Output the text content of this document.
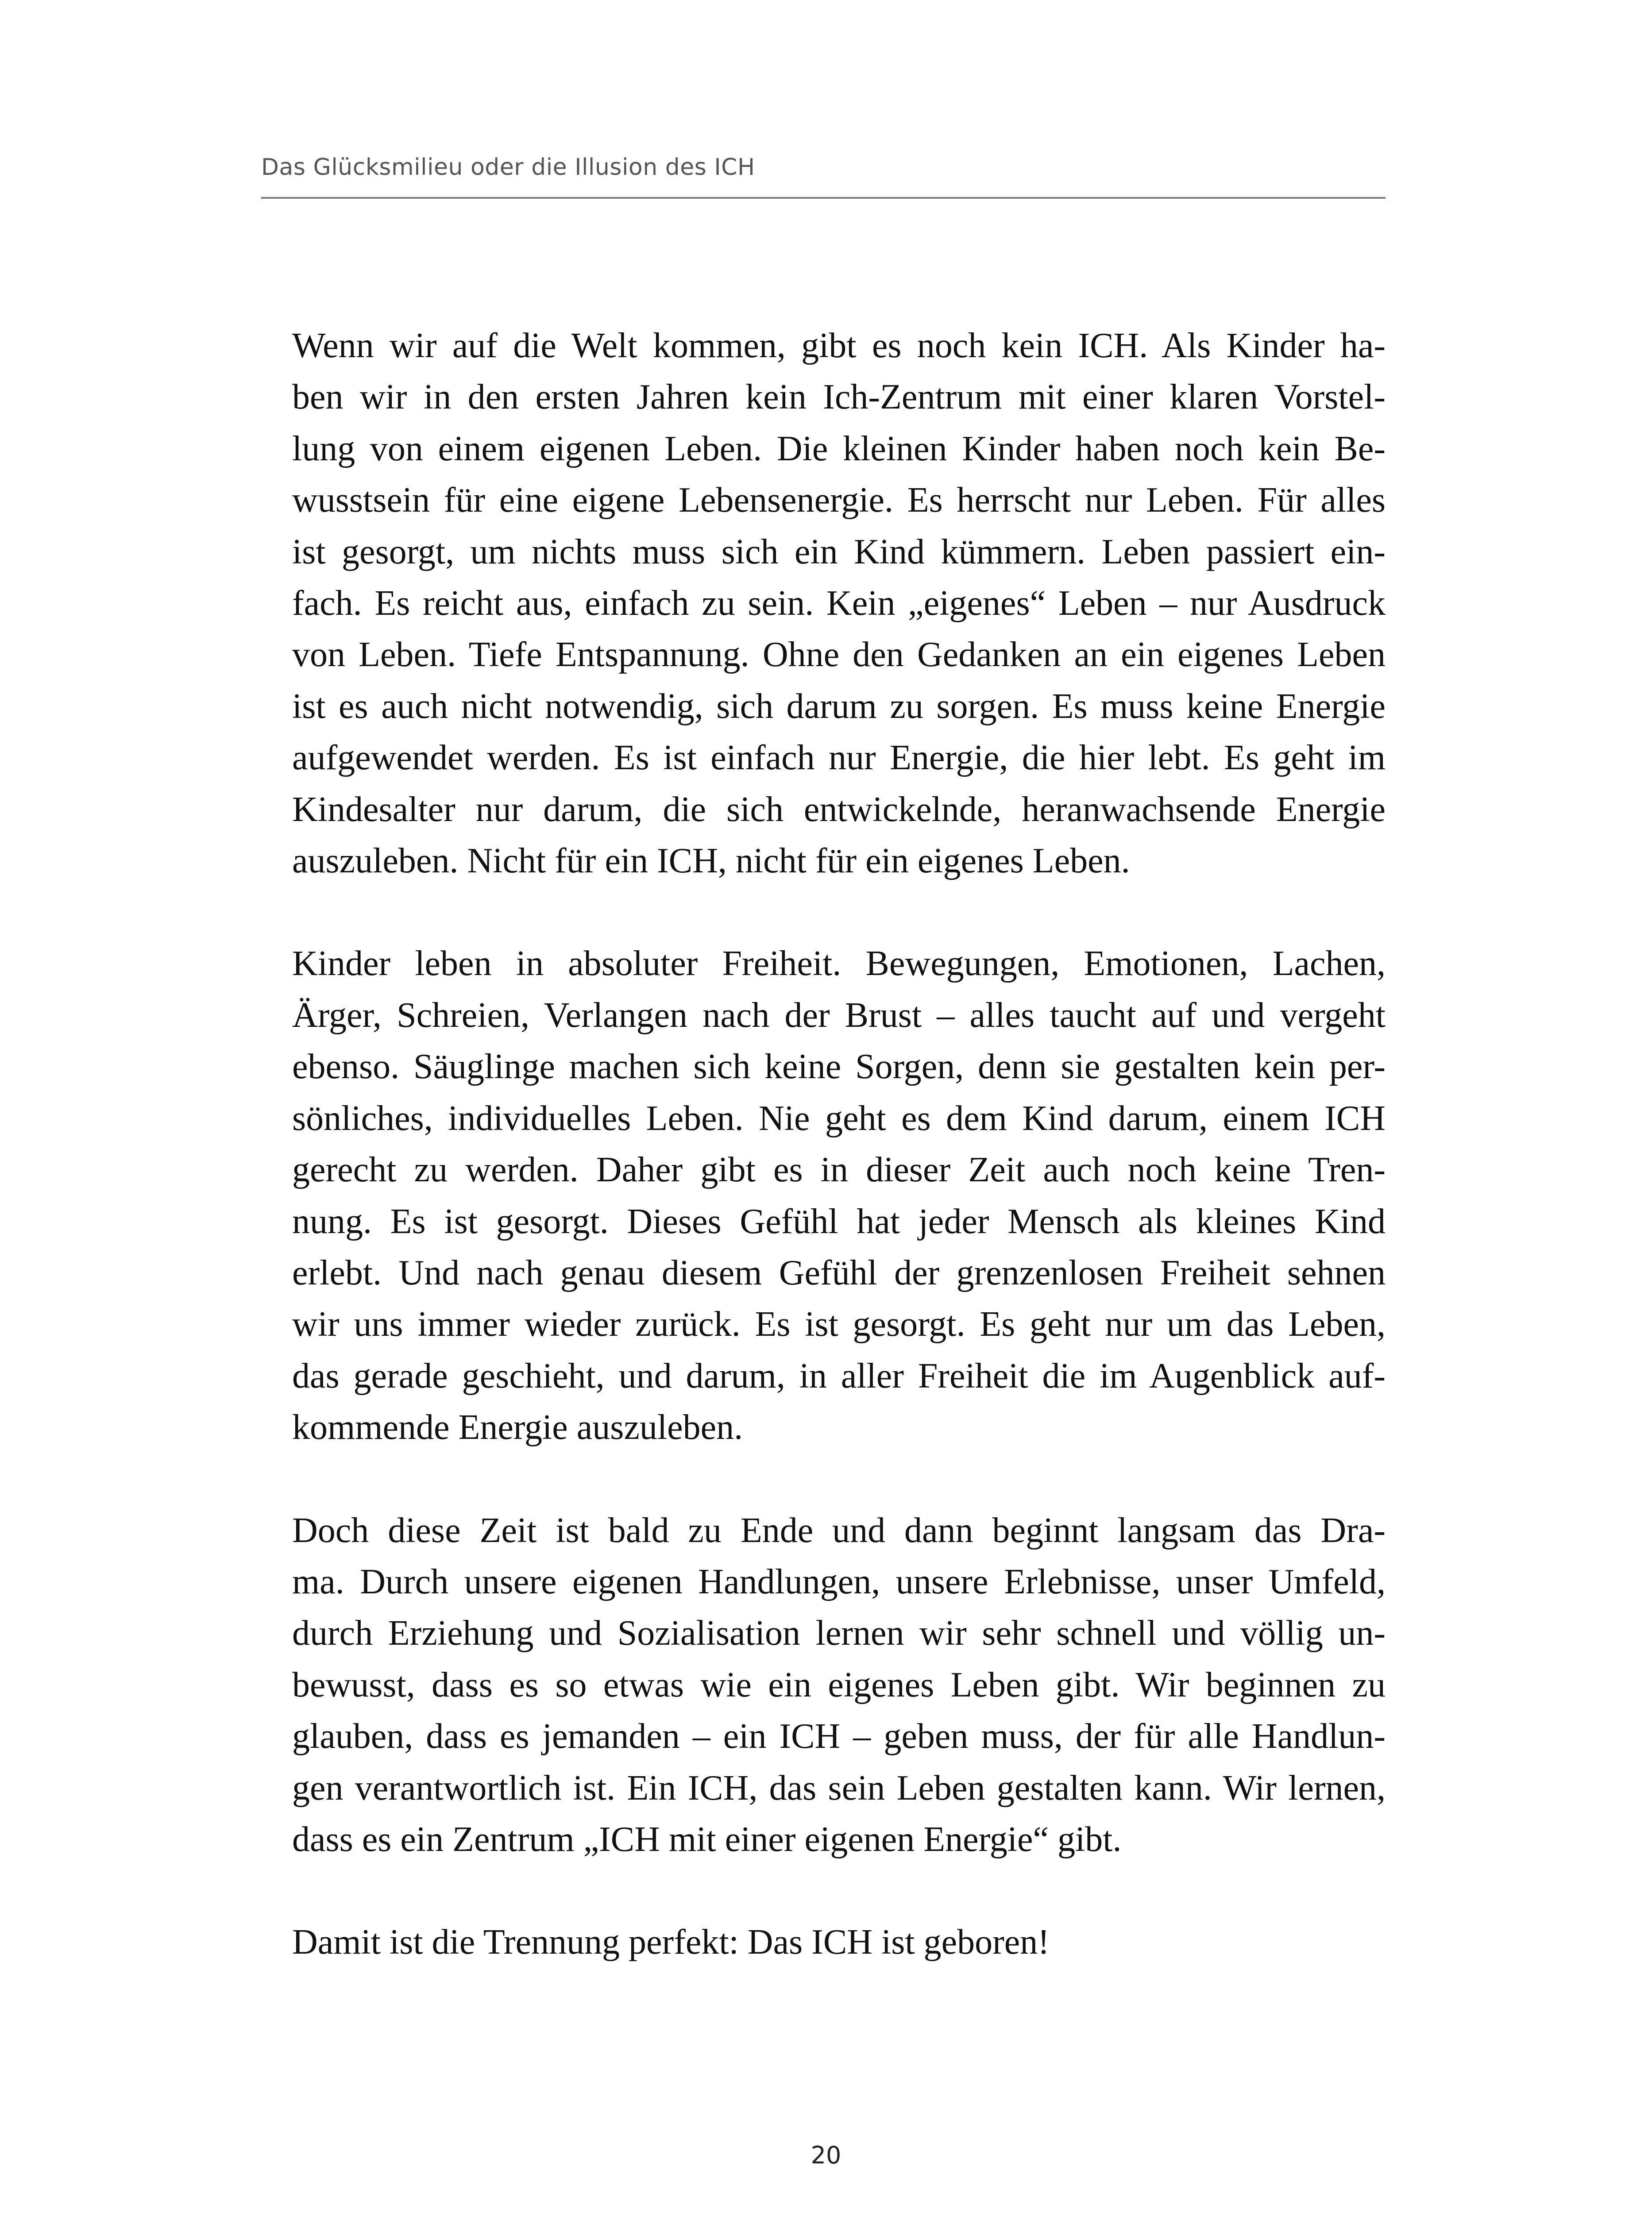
Das Glücksmilieu oder die Illusion des ICH
Wenn wir auf die Welt kommen, gibt es noch kein ICH. Als Kinder ha-
ben wir in den ersten Jahren kein Ich-Zentrum mit einer klaren Vorstel-
lung von einem eigenen Leben. Die kleinen Kinder haben noch kein Be-
wusstsein für eine eigene Lebensenergie. Es herrscht nur Leben. Für alles
ist gesorgt, um nichts muss sich ein Kind kümmern. Leben passiert ein-
fach. Es reicht aus, einfach zu sein. Kein „eigenes“ Leben – nur Ausdruck
von Leben. Tiefe Entspannung. Ohne den Gedanken an ein eigenes Leben
ist es auch nicht notwendig, sich darum zu sorgen. Es muss keine Energie
aufgewendet werden. Es ist einfach nur Energie, die hier lebt. Es geht im
Kindesalter nur darum, die sich entwickelnde, heranwachsende Energie
auszuleben. Nicht für ein ICH, nicht für ein eigenes Leben.
Kinder leben in absoluter Freiheit. Bewegungen, Emotionen, Lachen,
Ärger, Schreien, Verlangen nach der Brust – alles taucht auf und vergeht
ebenso. Säuglinge machen sich keine Sorgen, denn sie gestalten kein per-
sönliches, individuelles Leben. Nie geht es dem Kind darum, einem ICH
gerecht zu werden. Daher gibt es in dieser Zeit auch noch keine Tren-
nung. Es ist gesorgt. Dieses Gefühl hat jeder Mensch als kleines Kind
erlebt. Und nach genau diesem Gefühl der grenzenlosen Freiheit sehnen
wir uns immer wieder zurück. Es ist gesorgt. Es geht nur um das Leben,
das gerade geschieht, und darum, in aller Freiheit die im Augenblick auf-
kommende Energie auszuleben.
Doch diese Zeit ist bald zu Ende und dann beginnt langsam das Dra-
ma. Durch unsere eigenen Handlungen, unsere Erlebnisse, unser Umfeld,
durch Erziehung und Sozialisation lernen wir sehr schnell und völlig un-
bewusst, dass es so etwas wie ein eigenes Leben gibt. Wir beginnen zu
glauben, dass es jemanden – ein ICH – geben muss, der für alle Handlun-
gen verantwortlich ist. Ein ICH, das sein Leben gestalten kann. Wir lernen,
dass es ein Zentrum „ICH mit einer eigenen Energie“ gibt.
Damit ist die Trennung perfekt: Das ICH ist geboren!
20
